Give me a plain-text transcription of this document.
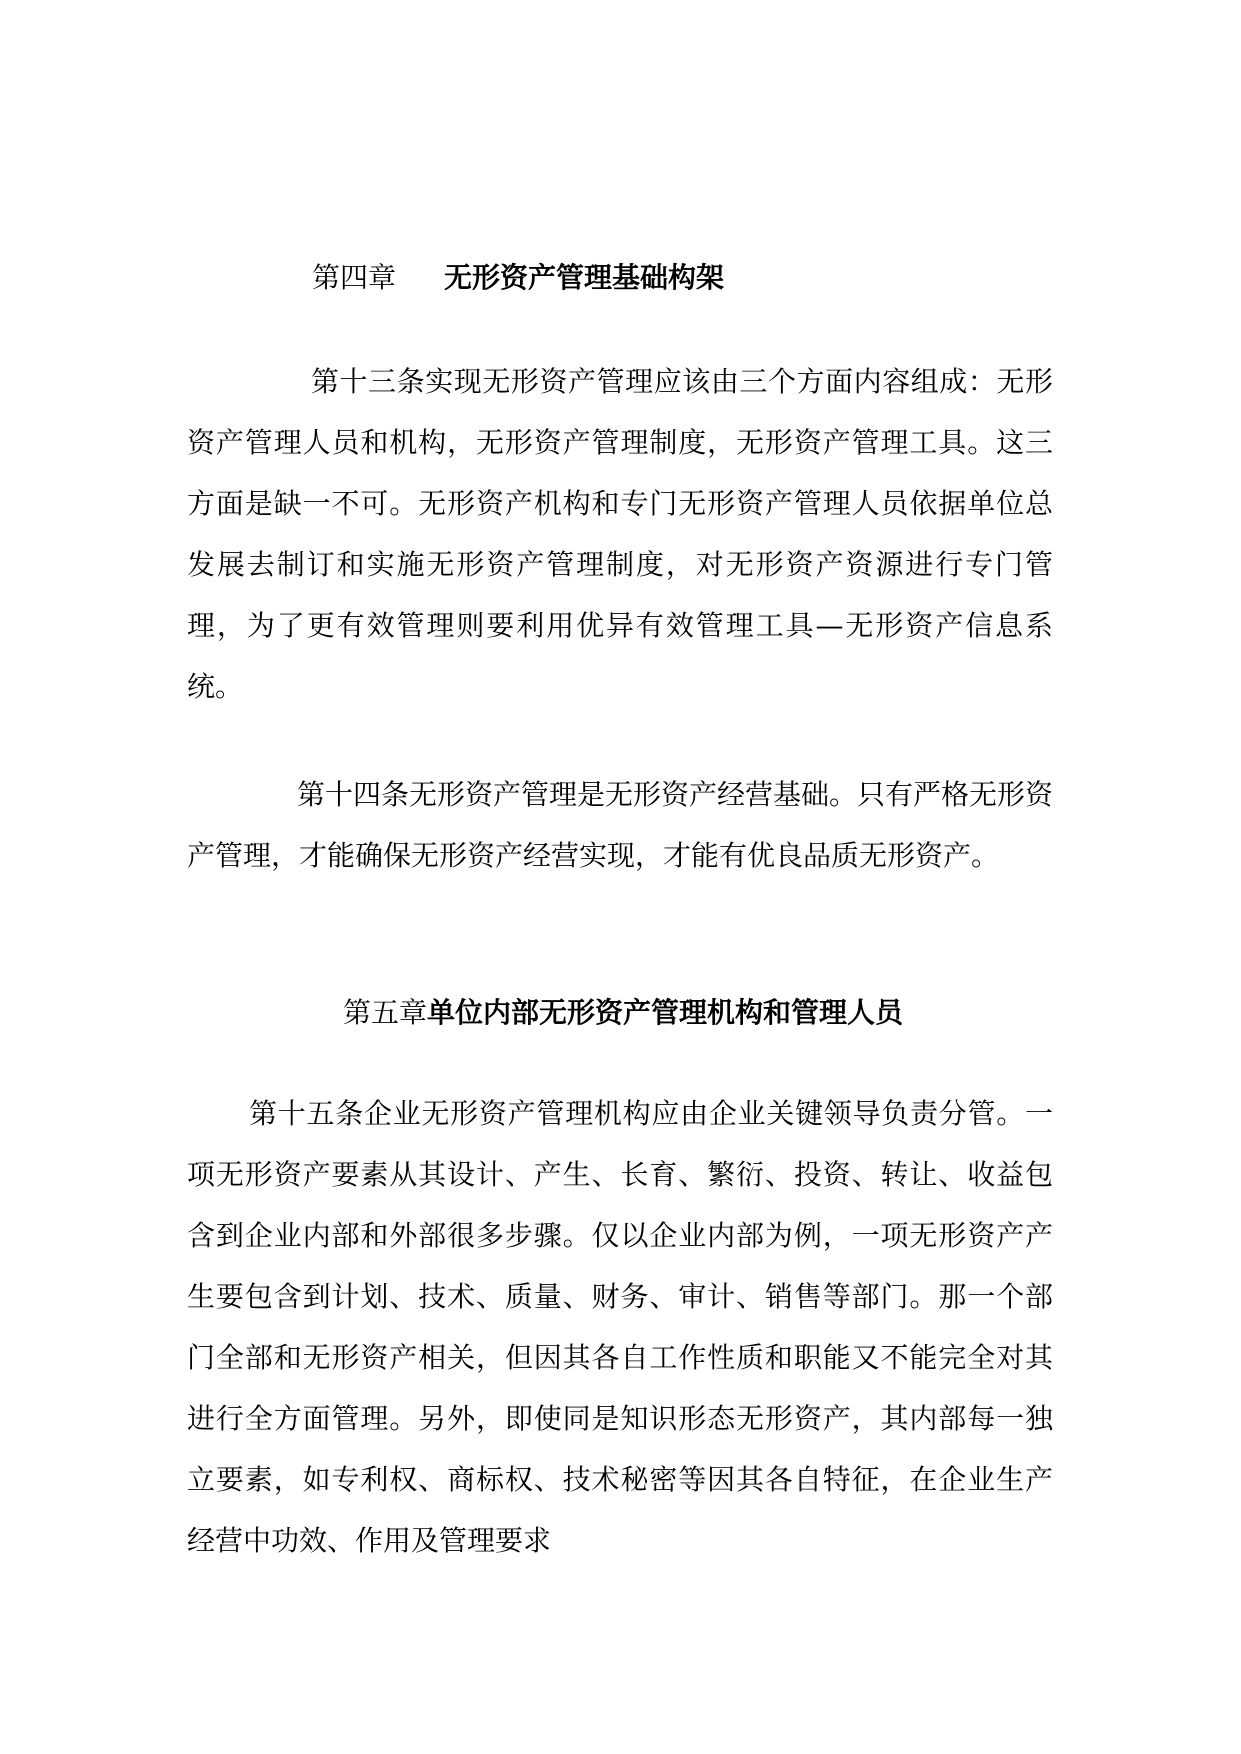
第四章 无形资产管理基础构架

第十三条实现无形资产管理应该由三个方面内容组成：无形资产管理人员和机构，无形资产管理制度，无形资产管理工具。这三方面是缺一不可。无形资产机构和专门无形资产管理人员依据单位总发展去制订和实施无形资产管理制度，对无形资产资源进行专门管理，为了更有效管理则要利用优异有效管理工具—无形资产信息系统。

第十四条无形资产管理是无形资产经营基础。只有严格无形资产管理，才能确保无形资产经营实现，才能有优良品质无形资产。

第五章单位内部无形资产管理机构和管理人员

第十五条企业无形资产管理机构应由企业关键领导负责分管。一项无形资产要素从其设计、产生、长育、繁衍、投资、转让、收益包含到企业内部和外部很多步骤。仅以企业内部为例，一项无形资产产生要包含到计划、技术、质量、财务、审计、销售等部门。那一个部门全部和无形资产相关，但因其各自工作性质和职能又不能完全对其进行全方面管理。另外，即使同是知识形态无形资产，其内部每一独立要素，如专利权、商标权、技术秘密等因其各自特征，在企业生产经营中功效、作用及管理要求
